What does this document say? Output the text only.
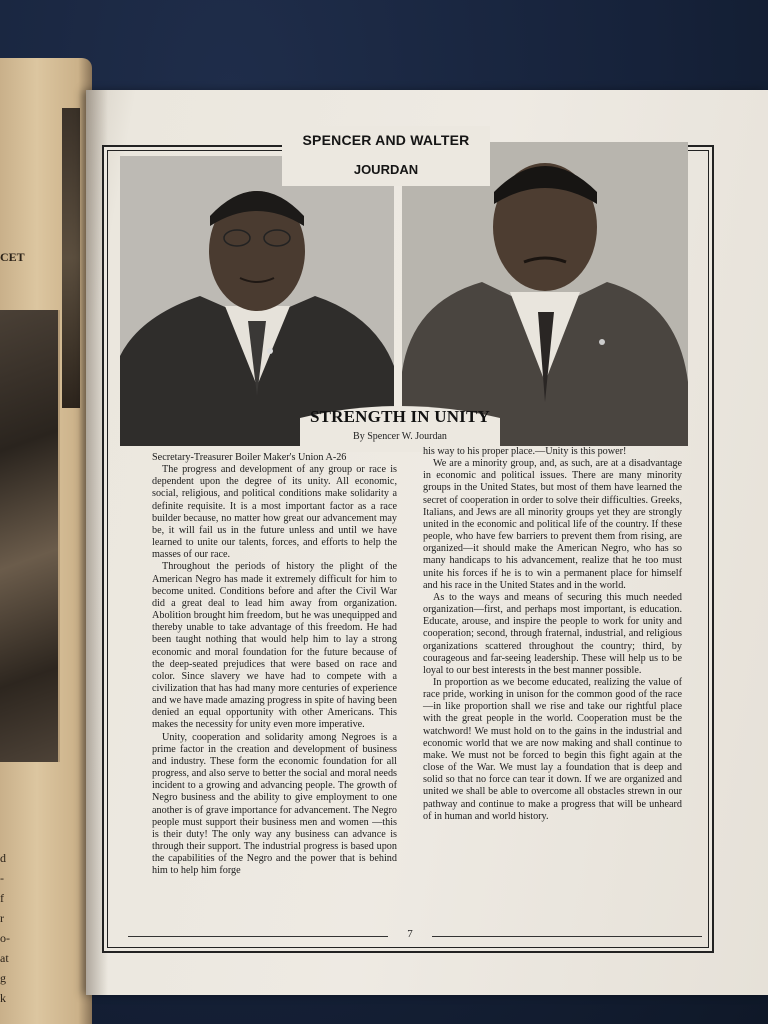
CET
d
-
f
r
o-
at
g
k
SPENCER AND WALTER
JOURDAN
STRENGTH IN UNITY
By Spencer W. Jourdan

Secretary-Treasurer Boiler Maker's Union A-26

The progress and development of any group or race is dependent upon the degree of its unity. All economic, social, religious, and political conditions make solidarity a definite requisite. It is a most important factor as a race builder because, no matter how great our advancement may be, it will fail us in the future unless and until we have learned to unite our talents, forces, and efforts to help the masses of our race.

Throughout the periods of history the plight of the American Negro has made it extremely difficult for him to become united. Conditions before and after the Civil War did a great deal to lead him away from organization. Abolition brought him freedom, but he was unequipped and thereby unable to take advantage of this freedom. He had been taught nothing that would help him to lay a strong economic and moral foundation for the future because of the deep-seated prejudices that were based on race and color. Since slavery we have had to compete with a civilization that has had many more centuries of experience and we have made amazing progress in spite of having been denied an equal opportunity with other Americans. This makes the necessity for unity even more imperative.

Unity, cooperation and solidarity among Negroes is a prime factor in the creation and development of business and industry. These form the economic foundation for all progress, and also serve to better the social and moral needs incident to a growing and advancing people. The growth of Negro business and the ability to give employment to one another is of grave importance for advancement. The Negro people must support their business men and women —this is their duty! The only way any business can advance is through their support. The industrial progress is based upon the capabilities of the Negro and the power that is behind him to help him forge

his way to his proper place.—Unity is this power!

We are a minority group, and, as such, are at a disadvantage in economic and political issues. There are many minority groups in the United States, but most of them have learned the secret of cooperation in order to solve their difficulties. Greeks, Italians, and Jews are all minority groups yet they are strongly united in the economic and political life of the country. If these people, who have few barriers to prevent them from rising, are organized—it should make the American Negro, who has so many handicaps to his advancement, realize that he too must unite his forces if he is to win a permanent place for himself and his race in the United States and in the world.

As to the ways and means of securing this much needed organization—first, and perhaps most important, is education. Educate, arouse, and inspire the people to work for unity and cooperation; second, through fraternal, industrial, and religious organizations scattered throughout the country; third, by courageous and far-seeing leadership. These will help us to be loyal to our best interests in the best manner possible.

In proportion as we become educated, realizing the value of race pride, working in unison for the common good of the race—in like proportion shall we rise and take our rightful place with the great people in the world. Cooperation must be the watchword! We must hold on to the gains in the industrial and economic world that we are now making and shall continue to make. We must not be forced to begin this fight again at the close of the War. We must lay a foundation that is deep and solid so that no force can tear it down. If we are organized and united we shall be able to overcome all obstacles strewn in our pathway and continue to make a progress that will be unheard of in human and world history.

7
